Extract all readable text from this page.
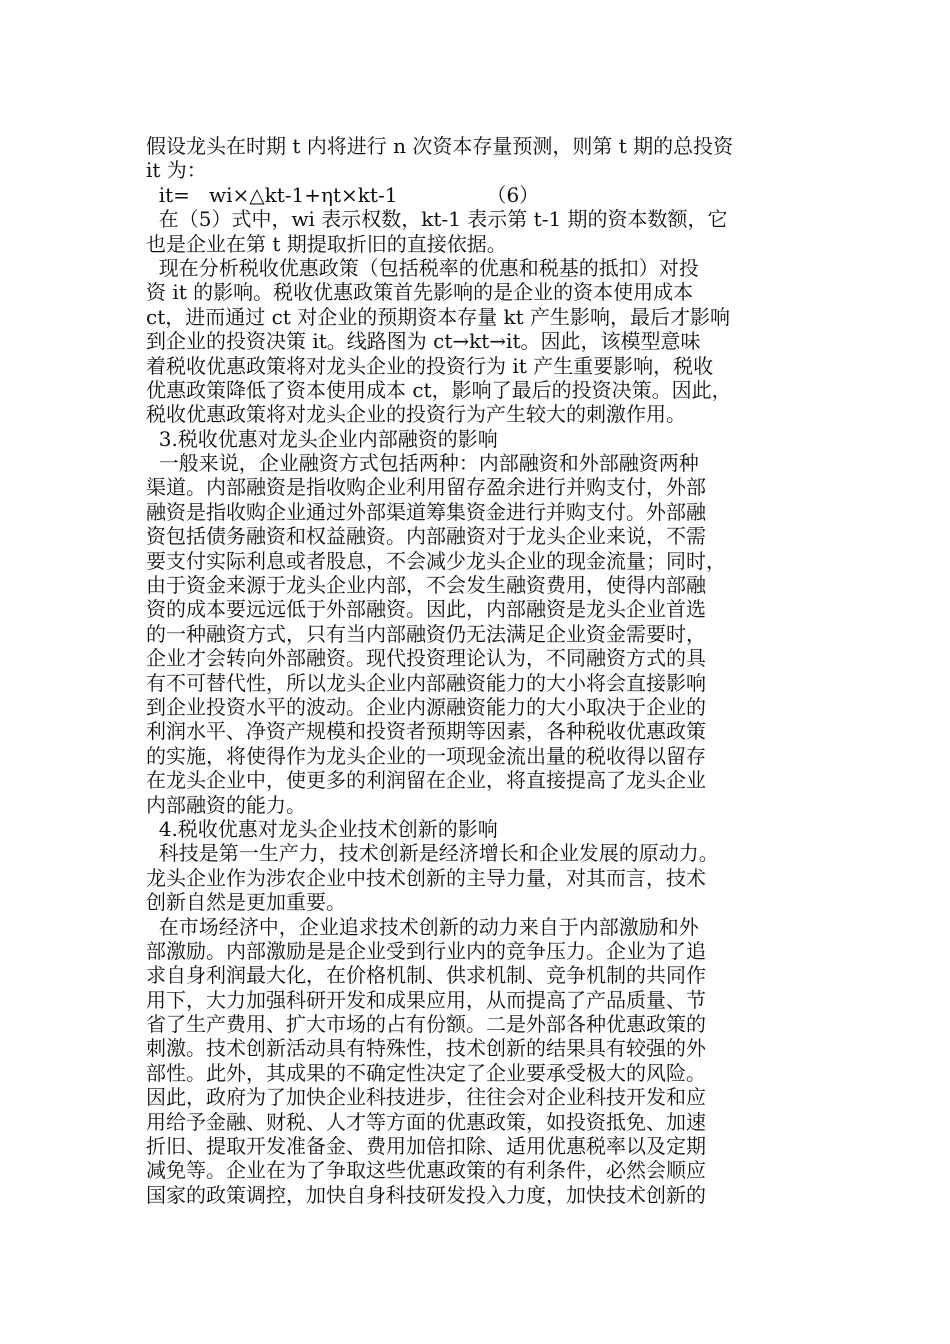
假设龙头在时期 t 内将进行 n 次资本存量预测，则第 t 期的总投资
it 为：
it=   wi×△kt-1+ηt×kt-1              （6）
在（5）式中，wi 表示权数，kt-1 表示第 t-1 期的资本数额，它
也是企业在第 t 期提取折旧的直接依据。
现在分析税收优惠政策（包括税率的优惠和税基的抵扣）对投
资 it 的影响。税收优惠政策首先影响的是企业的资本使用成本
ct，进而通过 ct 对企业的预期资本存量 kt 产生影响，最后才影响
到企业的投资决策 it。线路图为 ct→kt→it。因此，该模型意味
着税收优惠政策将对龙头企业的投资行为 it 产生重要影响，税收
优惠政策降低了资本使用成本 ct，影响了最后的投资决策。因此，
税收优惠政策将对龙头企业的投资行为产生较大的刺激作用。
3.税收优惠对龙头企业内部融资的影响
一般来说，企业融资方式包括两种：内部融资和外部融资两种
渠道。内部融资是指收购企业利用留存盈余进行并购支付，外部
融资是指收购企业通过外部渠道筹集资金进行并购支付。外部融
资包括债务融资和权益融资。内部融资对于龙头企业来说，不需
要支付实际利息或者股息，不会减少龙头企业的现金流量；同时，
由于资金来源于龙头企业内部，不会发生融资费用，使得内部融
资的成本要远远低于外部融资。因此，内部融资是龙头企业首选
的一种融资方式，只有当内部融资仍无法满足企业资金需要时，
企业才会转向外部融资。现代投资理论认为，不同融资方式的具
有不可替代性，所以龙头企业内部融资能力的大小将会直接影响
到企业投资水平的波动。企业内源融资能力的大小取决于企业的
利润水平、净资产规模和投资者预期等因素，各种税收优惠政策
的实施，将使得作为龙头企业的一项现金流出量的税收得以留存
在龙头企业中，使更多的利润留在企业，将直接提高了龙头企业
内部融资的能力。
4.税收优惠对龙头企业技术创新的影响
科技是第一生产力，技术创新是经济增长和企业发展的原动力。
龙头企业作为涉农企业中技术创新的主导力量，对其而言，技术
创新自然是更加重要。
在市场经济中，企业追求技术创新的动力来自于内部激励和外
部激励。内部激励是是企业受到行业内的竞争压力。企业为了追
求自身利润最大化，在价格机制、供求机制、竞争机制的共同作
用下，大力加强科研开发和成果应用，从而提高了产品质量、节
省了生产费用、扩大市场的占有份额。二是外部各种优惠政策的
刺激。技术创新活动具有特殊性，技术创新的结果具有较强的外
部性。此外，其成果的不确定性决定了企业要承受极大的风险。
因此，政府为了加快企业科技进步，往往会对企业科技开发和应
用给予金融、财税、人才等方面的优惠政策，如投资抵免、加速
折旧、提取开发准备金、费用加倍扣除、适用优惠税率以及定期
减免等。企业在为了争取这些优惠政策的有利条件，必然会顺应
国家的政策调控，加快自身科技研发投入力度，加快技术创新的
